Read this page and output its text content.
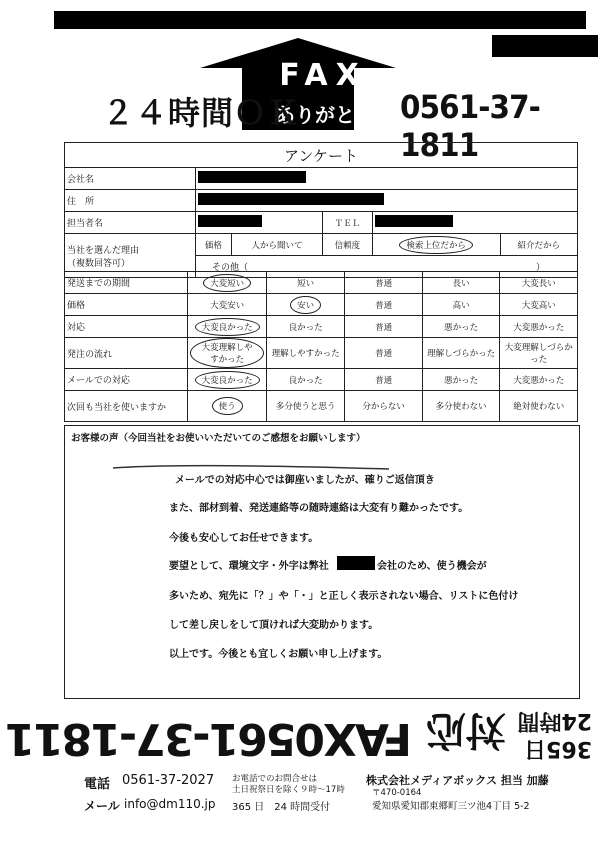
FAX
ありがとう
２４時間ＯＫ	0561-37-1811
アンケート					
会社名					
住　所					
担当者名			ＴＥＬ		
当社を選んだ理由
（複数回答可）	価格	人から聞いて	信頼度	検索上位だから	紹介だから
	その他（ ）				
発送までの期間	大変短い	短い	普通	長い	大変長い
価格	大変安い	安い	普通	高い	大変高い
対応	大変良かった	良かった	普通	悪かった	大変悪かった
発注の流れ	大変理解しやすかった	理解しやすかった	普通	理解しづらかった	大変理解しづらかった
メールでの対応	大変良かった	良かった	普通	悪かった	大変悪かった
次回も当社を使いますか	使う	多分使うと思う	分からない	多分使わない	絶対使わない
お客様の声（今回当社をお使いいただいてのご感想をお願いします）
メールでの対応中心では御座いましたが、確りご返信頂き
また、部材到着、発送連絡等の随時連絡は大変有り難かったです。
今後も安心してお任せできます。
要望として、環境文字・外字は弊社	会社のため、使う機会が
多いため、宛先に「？」や「・」と正しく表示されない場合、リストに色付け
して差し戻しをして頂ければ大変助かります。
以上です。今後とも宜しくお願い申し上げます。
365日
24時間
対応
FAX0561-37-1811
電話 0561-37-2027 お電話でのお問合せは
土日祝祭日を除く９時〜17時
株式会社メディアボックス 担当 加藤
〒470-0164
メール info@dm110.jp 365 日　24 時間受付	愛知県愛知郡東郷町三ツ池4丁目 5-2
